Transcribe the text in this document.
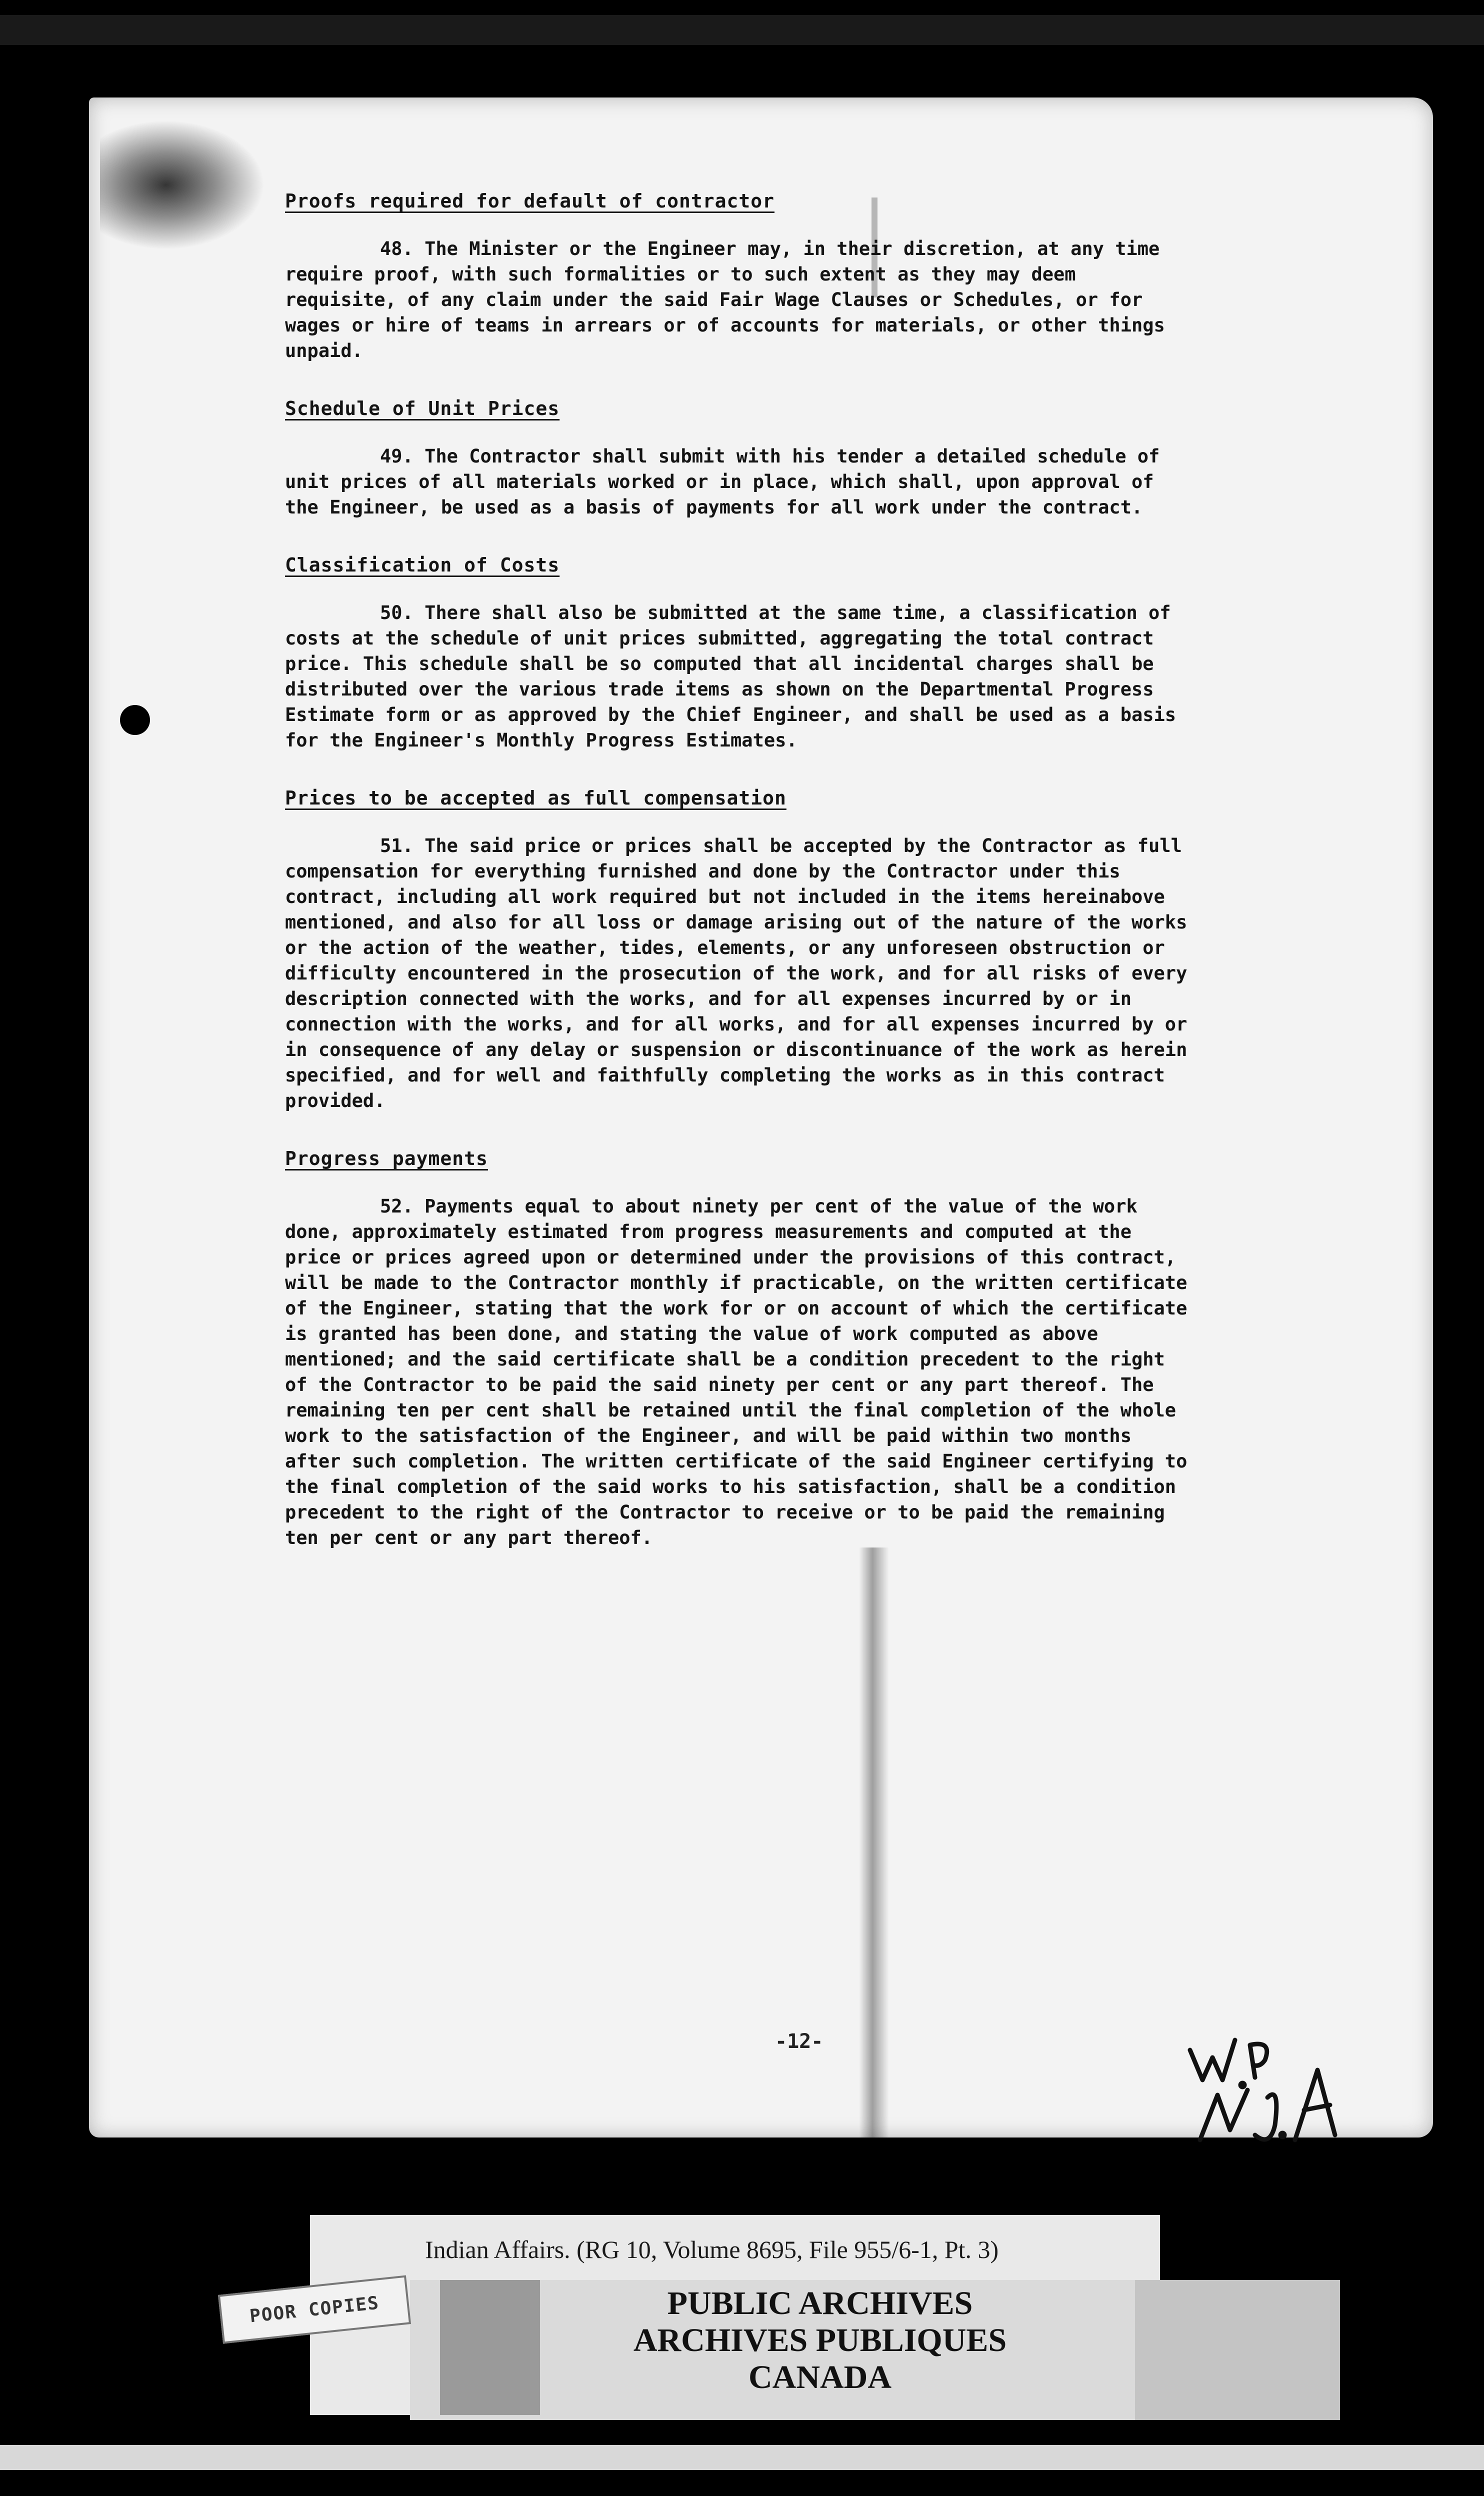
Proofs required for default of contractor

48. The Minister or the Engineer may, in their discretion, at any time require proof, with such formalities or to such extent as they may deem requisite, of any claim under the said Fair Wage Clauses or Schedules, or for wages or hire of teams in arrears or of accounts for materials, or other things unpaid.

Schedule of Unit Prices

49. The Contractor shall submit with his tender a detailed schedule of unit prices of all materials worked or in place, which shall, upon approval of the Engineer, be used as a basis of payments for all work under the contract.

Classification of Costs

50. There shall also be submitted at the same time, a classification of costs at the schedule of unit prices submitted, aggregating the total contract price. This schedule shall be so computed that all incidental charges shall be distributed over the various trade items as shown on the Departmental Progress Estimate form or as approved by the Chief Engineer, and shall be used as a basis for the Engineer's Monthly Progress Estimates.

Prices to be accepted as full compensation

51. The said price or prices shall be accepted by the Contractor as full compensation for everything furnished and done by the Contractor under this contract, including all work required but not included in the items hereinabove mentioned, and also for all loss or damage arising out of the nature of the works or the action of the weather, tides, elements, or any unforeseen obstruction or difficulty encountered in the prosecution of the work, and for all risks of every description connected with the works, and for all expenses incurred by or in connection with the works, and for all works, and for all expenses incurred by or in consequence of any delay or suspension or discontinuance of the work as herein specified, and for well and faithfully completing the works as in this contract provided.

Progress payments

52. Payments equal to about ninety per cent of the value of the work done, approximately estimated from progress measurements and computed at the price or prices agreed upon or determined under the provisions of this contract, will be made to the Contractor monthly if practicable, on the written certificate of the Engineer, stating that the work for or on account of which the certificate is granted has been done, and stating the value of work computed as above mentioned; and the said certificate shall be a condition precedent to the right of the Contractor to be paid the said ninety per cent or any part thereof. The remaining ten per cent shall be retained until the final completion of the whole work to the satisfaction of the Engineer, and will be paid within two months after such completion. The written certificate of the said Engineer certifying to the final completion of the said works to his satisfaction, shall be a condition precedent to the right of the Contractor to receive or to be paid the remaining ten per cent or any part thereof.

-12-
Indian Affairs. (RG 10, Volume 8695, File 955/6-1, Pt. 3)
POOR COPIES	PUBLIC ARCHIVES
ARCHIVES PUBLIQUES
CANADA
